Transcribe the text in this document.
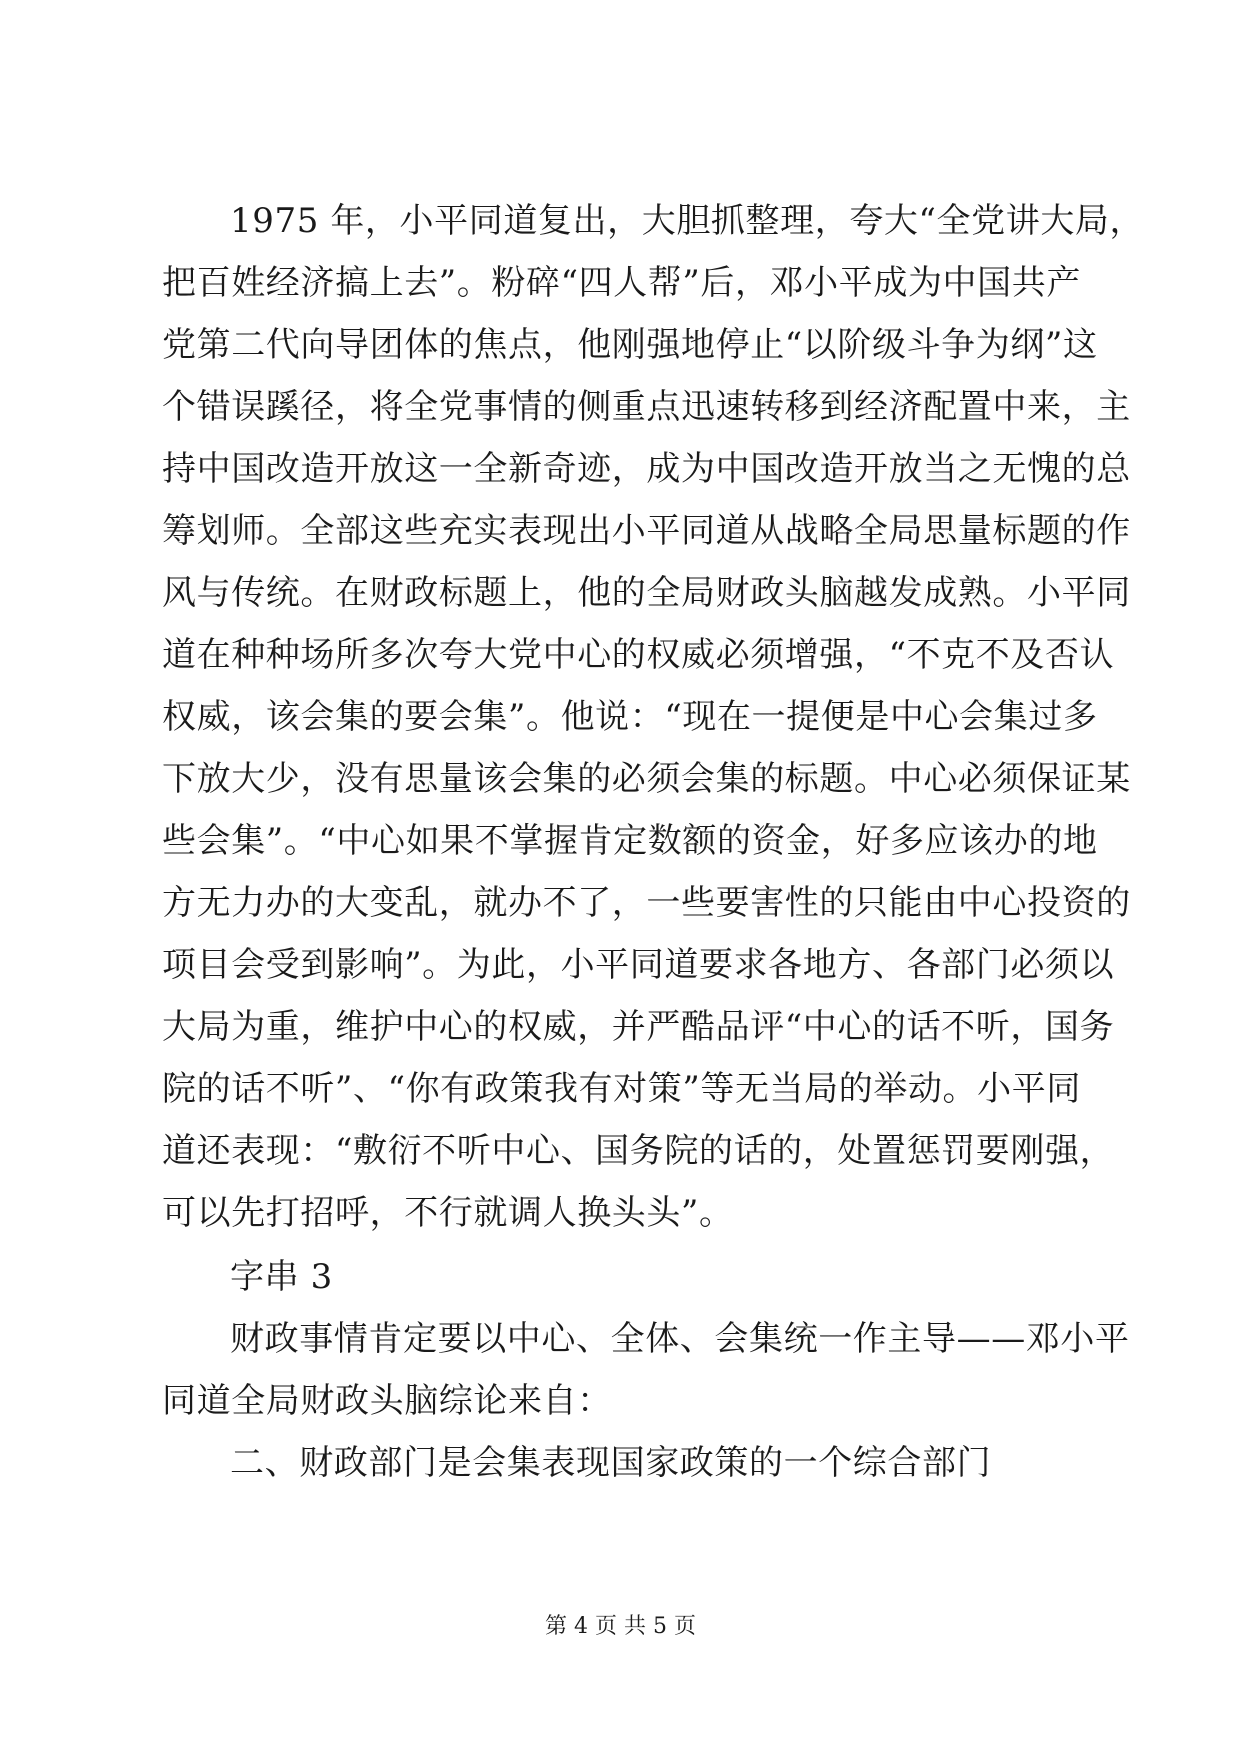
1975 年，小平同道复出，大胆抓整理，夸大“全党讲大局，
把百姓经济搞上去”。粉碎“四人帮”后，邓小平成为中国共产
党第二代向导团体的焦点，他刚强地停止“以阶级斗争为纲”这
个错误蹊径，将全党事情的侧重点迅速转移到经济配置中来，主
持中国改造开放这一全新奇迹，成为中国改造开放当之无愧的总
筹划师。全部这些充实表现出小平同道从战略全局思量标题的作
风与传统。在财政标题上，他的全局财政头脑越发成熟。小平同
道在种种场所多次夸大党中心的权威必须增强，“不克不及否认
权威，该会集的要会集”。他说：“现在一提便是中心会集过多
下放大少，没有思量该会集的必须会集的标题。中心必须保证某
些会集”。“中心如果不掌握肯定数额的资金，好多应该办的地
方无力办的大变乱，就办不了，一些要害性的只能由中心投资的
项目会受到影响”。为此，小平同道要求各地方、各部门必须以
大局为重，维护中心的权威，并严酷品评“中心的话不听，国务
院的话不听”、“你有政策我有对策”等无当局的举动。小平同
道还表现：“敷衍不听中心、国务院的话的，处置惩罚要刚强，
可以先打招呼，不行就调人换头头”。
字串 3
财政事情肯定要以中心、全体、会集统一作主导——邓小平
同道全局财政头脑综论来自：
二、财政部门是会集表现国家政策的一个综合部门
第 4 页 共 5 页
